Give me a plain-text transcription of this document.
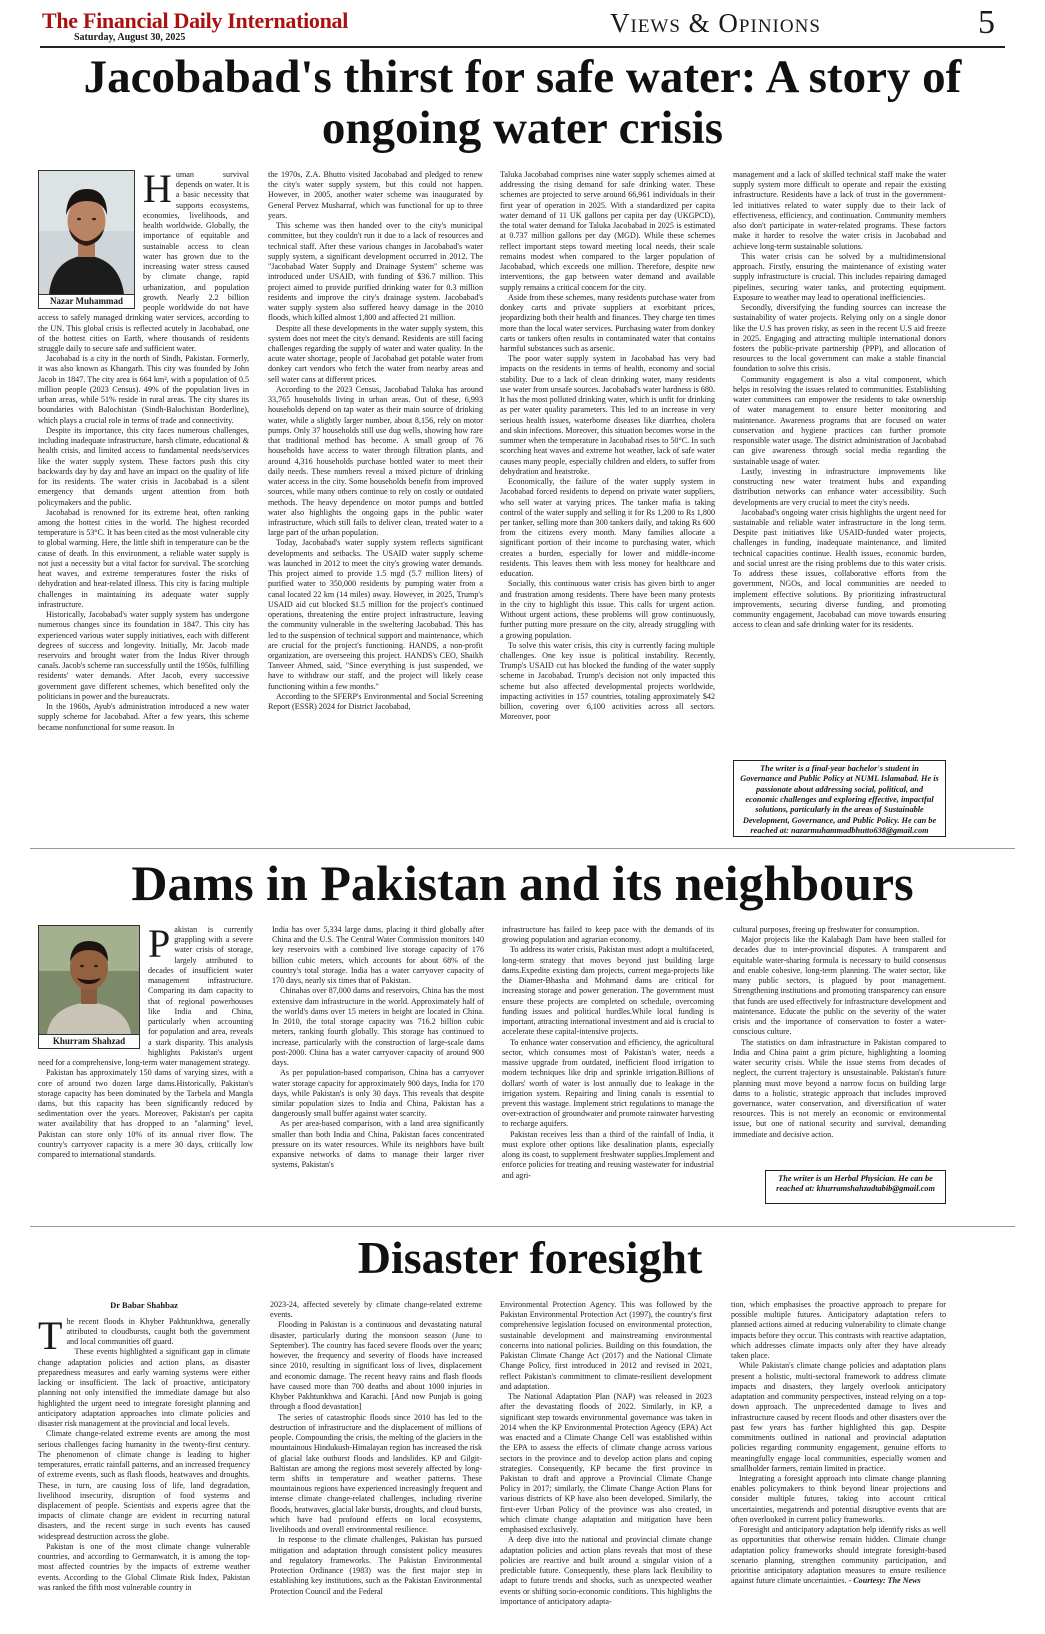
The Financial Daily International
Saturday, August 30, 2025	Views & Opinions	5
Jacobabad's thirst for safe water: A story of ongoing water crisis
Nazar Muhammad

Human survival depends on water. It is a basic necessity that supports ecosystems, economies, livelihoods, and health worldwide. Globally, the importance of equitable and sustainable access to clean water has grown due to the increasing water stress caused by climate change, rapid urbanization, and population growth. Nearly 2.2 billion people worldwide do not have access to safely managed drinking water services, according to the UN. This global crisis is reflected acutely in Jacobabad, one of the hottest cities on Earth, where thousands of residents struggle daily to secure safe and sufficient water.

Jacobabad is a city in the north of Sindh, Pakistan. Formerly, it was also known as Khangarh. This city was founded by John Jacob in 1847. The city area is 664 km², with a population of 0.5 million people (2023 Census). 49% of the population lives in urban areas, while 51% reside in rural areas. The city shares its boundaries with Balochistan (Sindh-Balochistan Borderline), which plays a crucial role in terms of trade and connectivity.

Despite its importance, this city faces numerous challenges, including inadequate infrastructure, harsh climate, educational & health crisis, and limited access to fundamental needs/services like the water supply system. These factors push this city backwards day by day and have an impact on the quality of life for its residents. The water crisis in Jacobabad is a silent emergency that demands urgent attention from both policymakers and the public.

Jacobabad is renowned for its extreme heat, often ranking among the hottest cities in the world. The highest recorded temperature is 53°C. It has been cited as the most vulnerable city to global warming. Here, the little shift in temperature can be the cause of death. In this environment, a reliable water supply is not just a necessity but a vital factor for survival. The scorching heat waves, and extreme temperatures foster the risks of dehydration and heat-related illness. This city is facing multiple challenges in maintaining its adequate water supply infrastructure.

Historically, Jacobabad's water supply system has undergone numerous changes since its foundation in 1847. This city has experienced various water supply initiatives, each with different degrees of success and longevity. Initially, Mr. Jacob made reservoirs and brought water from the Indus River through canals. Jacob's scheme ran successfully until the 1950s, fulfilling residents' water demands. After Jacob, every successive government gave different schemes, which benefited only the politicians in power and the bureaucrats.

In the 1960s, Ayub's administration introduced a new water supply scheme for Jacobabad. After a few years, this scheme became nonfunctional for some reason. In

the 1970s, Z.A. Bhutto visited Jacobabad and pledged to renew the city's water supply system, but this could not happen. However, in 2005, another water scheme was inaugurated by General Pervez Musharraf, which was functional for up to three years.

This scheme was then handed over to the city's municipal committee, but they couldn't run it due to a lack of resources and technical staff. After these various changes in Jacobabad's water supply system, a significant development occurred in 2012. The "Jacobabad Water Supply and Drainage System" scheme was introduced under USAID, with funding of $36.7 million. This project aimed to provide purified drinking water for 0.3 million residents and improve the city's drainage system. Jacobabad's water supply system also suffered heavy damage in the 2010 floods, which killed almost 1,800 and affected 21 million.

Despite all these developments in the water supply system, this system does not meet the city's demand. Residents are still facing challenges regarding the supply of water and water quality. In the acute water shortage, people of Jacobabad get potable water from donkey cart vendors who fetch the water from nearby areas and sell water cans at different prices.

According to the 2023 Census, Jacobabad Taluka has around 33,765 households living in urban areas. Out of these, 6,993 households depend on tap water as their main source of drinking water, while a slightly larger number, about 8,156, rely on motor pumps. Only 37 households still use dug wells, showing how rare that traditional method has become. A small group of 76 households have access to water through filtration plants, and around 4,316 households purchase bottled water to meet their daily needs. These numbers reveal a mixed picture of drinking water access in the city. Some households benefit from improved sources, while many others continue to rely on costly or outdated methods. The heavy dependence on motor pumps and bottled water also highlights the ongoing gaps in the public water infrastructure, which still fails to deliver clean, treated water to a large part of the urban population.

Today, Jacobabad's water supply system reflects significant developments and setbacks. The USAID water supply scheme was launched in 2012 to meet the city's growing water demands. This project aimed to provide 1.5 mgd (5.7 million liters) of purified water to 350,000 residents by pumping water from a canal located 22 km (14 miles) away. However, in 2025, Trump's USAID aid cut blocked $1.5 million for the project's continued operations, threatening the entire project infrastructure, leaving the community vulnerable in the sweltering Jacobabad. This has led to the suspension of technical support and maintenance, which are crucial for the project's functioning. HANDS, a non-profit organization, are overseeing this project. HANDS's CEO, Shaikh Tanveer Ahmed, said, "Since everything is just suspended, we have to withdraw our staff, and the project will likely cease functioning within a few months."

According to the SFERP's Environmental and Social Screening Report (ESSR) 2024 for District Jacobabad,

Taluka Jacobabad comprises nine water supply schemes aimed at addressing the rising demand for safe drinking water. These schemes are projected to serve around 66,961 individuals in their first year of operation in 2025. With a standardized per capita water demand of 11 UK gallons per capita per day (UKGPCD), the total water demand for Taluka Jacobabad in 2025 is estimated at 0.737 million gallons per day (MGD). While these schemes reflect important steps toward meeting local needs, their scale remains modest when compared to the larger population of Jacobabad, which exceeds one million. Therefore, despite new interventions, the gap between water demand and available supply remains a critical concern for the city.

Aside from these schemes, many residents purchase water from donkey carts and private suppliers at exorbitant prices, jeopardizing both their health and finances. They charge ten times more than the local water services. Purchasing water from donkey carts or tankers often results in contaminated water that contains harmful substances such as arsenic.

The poor water supply system in Jacobabad has very bad impacts on the residents in terms of health, economy and social stability. Due to a lack of clean drinking water, many residents use water from unsafe sources. Jacobabad's water hardness is 680. It has the most polluted drinking water, which is unfit for drinking as per water quality parameters. This led to an increase in very serious health issues, waterborne diseases like diarrhea, cholera and skin infections. Moreover, this situation becomes worse in the summer when the temperature in Jacobabad rises to 50°C. In such scorching heat waves and extreme hot weather, lack of safe water causes many people, especially children and elders, to suffer from dehydration and heatstroke.

Economically, the failure of the water supply system in Jacobabad forced residents to depend on private water suppliers, who sell water at varying prices. The tanker mafia is taking control of the water supply and selling it for Rs 1,200 to Rs 1,800 per tanker, selling more than 300 tankers daily, and taking Rs 600 from the citizens every month. Many families allocate a significant portion of their income to purchasing water, which creates a burden, especially for lower and middle-income residents. This leaves them with less money for healthcare and education.

Socially, this continuous water crisis has given birth to anger and frustration among residents. There have been many protests in the city to highlight this issue. This calls for urgent action. Without urgent actions, these problems will grow continuously, further putting more pressure on the city, already struggling with a growing population.

To solve this water crisis, this city is currently facing multiple challenges. One key issue is political instability. Recently, Trump's USAID cut has blocked the funding of the water supply scheme in Jacobabad. Trump's decision not only impacted this scheme but also affected developmental projects worldwide, impacting activities in 157 countries, totaling approximately $42 billion, covering over 6,100 activities across all sectors. Moreover, poor

management and a lack of skilled technical staff make the water supply system more difficult to operate and repair the existing infrastructure. Residents have a lack of trust in the government-led initiatives related to water supply due to their lack of effectiveness, efficiency, and continuation. Community members also don't participate in water-related programs. These factors make it harder to resolve the water crisis in Jacobabad and achieve long-term sustainable solutions.

This water crisis can be solved by a multidimensional approach. Firstly, ensuring the maintenance of existing water supply infrastructure is crucial. This includes repairing damaged pipelines, securing water tanks, and protecting equipment. Exposure to weather may lead to operational inefficiencies.

Secondly, diversifying the funding sources can increase the sustainability of water projects. Relying only on a single donor like the U.S has proven risky, as seen in the recent U.S aid freeze in 2025. Engaging and attracting multiple international donors fosters the public-private partnership (PPP), and allocation of resources to the local government can make a stable financial foundation to solve this crisis.

Community engagement is also a vital component, which helps in resolving the issues related to communities. Establishing water committees can empower the residents to take ownership of water management to ensure better monitoring and maintenance. Awareness programs that are focused on water conservation and hygiene practices can further promote responsible water usage. The district administration of Jacobabad can give awareness through social media regarding the sustainable usage of water.

Lastly, investing in infrastructure improvements like constructing new water treatment hubs and expanding distribution networks can enhance water accessibility. Such developments are very crucial to meet the city's needs.

Jacobabad's ongoing water crisis highlights the urgent need for sustainable and reliable water infrastructure in the long term. Despite past initiatives like USAID-funded water projects, challenges in funding, inadequate maintenance, and limited technical capacities continue. Health issues, economic burden, and social unrest are the rising problems due to this water crisis. To address these issues, collaborative efforts from the government, NGOs, and local communities are needed to implement effective solutions. By prioritizing infrastructural improvements, securing diverse funding, and promoting community engagement, Jacobabad can move towards ensuring access to clean and safe drinking water for its residents.

The writer is a final-year bachelor's student in Governance and Public Policy at NUML Islamabad. He is passionate about addressing social, political, and economic challenges and exploring effective, impactful solutions, particularly in the areas of Sustainable Development, Governance, and Public Policy. He can be reached at: nazarmuhammadbhutto638@gmail.com
Dams in Pakistan and its neighbours
Khurram Shahzad

Pakistan is currently grappling with a severe water crisis of storage, largely attributed to decades of insufficient water management infrastructure. Comparing its dam capacity to that of regional powerhouses like India and China, particularly when accounting for population and area, reveals a stark disparity. This analysis highlights Pakistan's urgent need for a comprehensive, long-term water management strategy.

Pakistan has approximately 150 dams of varying sizes, with a core of around two dozen large dams.Historically, Pakistan's storage capacity has been dominated by the Tarbela and Mangla dams, but this capacity has been significantly reduced by sedimentation over the years. Moreover, Pakistan's per capita water availability that has dropped to an "alarming" level, Pakistan can store only 10% of its annual river flow. The country's carryover capacity is a mere 30 days, critically low compared to international standards.

India has over 5,334 large dams, placing it third globally after China and the U.S. The Central Water Commission monitors 140 key reservoirs with a combined live storage capacity of 176 billion cubic meters, which accounts for about 68% of the country's total storage. India has a water carryover capacity of 170 days, nearly six times that of Pakistan.

Chinahas over 87,000 dams and reservoirs, China has the most extensive dam infrastructure in the world. Approximately half of the world's dams over 15 meters in height are located in China. In 2010, the total storage capacity was 716.2 billion cubic meters, ranking fourth globally. This storage has continued to increase, particularly with the construction of large-scale dams post-2000. China has a water carryover capacity of around 900 days.

As per population-based comparison, China has a carryover water storage capacity for approximately 900 days, India for 170 days, while Pakistan's is only 30 days. This reveals that despite similar population sizes to India and China, Pakistan has a dangerously small buffer against water scarcity.

As per area-based comparison, with a land area significantly smaller than both India and China, Pakistan faces concentrated pressure on its water resources. While its neighbors have built expansive networks of dams to manage their larger river systems, Pakistan's

infrastructure has failed to keep pace with the demands of its growing population and agrarian economy.

To address its water crisis, Pakistan must adopt a multifaceted, long-term strategy that moves beyond just building large dams.Expedite existing dam projects, current mega-projects like the Diamer-Bhasha and Mohmand dams are critical for increasing storage and power generation. The government must ensure these projects are completed on schedule, overcoming funding issues and political hurdles.While local funding is important, attracting international investment and aid is crucial to accelerate these capital-intensive projects.

To enhance water conservation and efficiency, the agricultural sector, which consumes most of Pakistan's water, needs a massive upgrade from outdated, inefficient flood irrigation to modern techniques like drip and sprinkle irrigation.Billions of dollars' worth of water is lost annually due to leakage in the irrigation system. Repairing and lining canals is essential to prevent this wastage. Implement strict regulations to manage the over-extraction of groundwater and promote rainwater harvesting to recharge aquifers.

Pakistan receives less than a third of the rainfall of India, it must explore other options like desalination plants, especially along its coast, to supplement freshwater supplies.Implement and enforce policies for treating and reusing wastewater for industrial and agri-

cultural purposes, freeing up freshwater for consumption.

Major projects like the Kalabagh Dam have been stalled for decades due to inter-provincial disputes. A transparent and equitable water-sharing formula is necessary to build consensus and enable cohesive, long-term planning. The water sector, like many public sectors, is plagued by poor management. Strengthening institutions and promoting transparency can ensure that funds are used effectively for infrastructure development and maintenance. Educate the public on the severity of the water crisis and the importance of conservation to foster a water-conscious culture.

The statistics on dam infrastructure in Pakistan compared to India and China paint a grim picture, highlighting a looming water security crisis. While the issue stems from decades of neglect, the current trajectory is unsustainable. Pakistan's future planning must move beyond a narrow focus on building large dams to a holistic, strategic approach that includes improved governance, water conservation, and diversification of water resources. This is not merely an economic or environmental issue, but one of national security and survival, demanding immediate and decisive action.

The writer is an Herbal Physician. He can be reached at: khurramshahzadtabib@gmail.com
Disaster foresight
Dr Babar Shahbaz

The recent floods in Khyber Pakhtunkhwa, generally attributed to cloudbursts, caught both the government and local communities off guard.

These events highlighted a significant gap in climate change adaptation policies and action plans, as disaster preparedness measures and early warning systems were either lacking or insufficient. The lack of proactive, anticipatory planning not only intensified the immediate damage but also highlighted the urgent need to integrate foresight planning and anticipatory adaptation approaches into climate policies and disaster risk management at the provincial and local levels.

Climate change-related extreme events are among the most serious challenges facing humanity in the twenty-first century. The phenomenon of climate change is leading to higher temperatures, erratic rainfall patterns, and an increased frequency of extreme events, such as flash floods, heatwaves and droughts. These, in turn, are causing loss of life, land degradation, livelihood insecurity, disruption of food systems and displacement of people. Scientists and experts agree that the impacts of climate change are evident in recurring natural disasters, and the recent surge in such events has caused widespread destruction across the globe.

Pakistan is one of the most climate change vulnerable countries, and according to Germanwatch, it is among the top-most affected countries by the impacts of extreme weather events. According to the Global Climate Risk Index, Pakistan was ranked the fifth most vulnerable country in

2023-24, affected severely by climate change-related extreme events.

Flooding in Pakistan is a continuous and devastating natural disaster, particularly during the monsoon season (June to September). The country has faced severe floods over the years; however, the frequency and severity of floods have increased since 2010, resulting in significant loss of lives, displacement and economic damage. The recent heavy rains and flash floods have caused more than 700 deaths and about 1000 injuries in Khyber Pakhtunkhwa and Karachi. [And now Punjab is going through a flood devastation]

The series of catastrophic floods since 2010 has led to the destruction of infrastructure and the displacement of millions of people. Compounding the crisis, the melting of the glaciers in the mountainous Hindukush-Himalayan region has increased the risk of glacial lake outburst floods and landslides. KP and Gilgit-Baltistan are among the regions most severely affected by long-term shifts in temperature and weather patterns. These mountainous regions have experienced increasingly frequent and intense climate change-related challenges, including riverine floods, heatwaves, glacial lake bursts, droughts, and cloud bursts, which have had profound effects on local ecosystems, livelihoods and overall environmental resilience.

In response to the climate challenges, Pakistan has pursued mitigation and adaptation through consistent policy measures and regulatory frameworks. The Pakistan Environmental Protection Ordinance (1983) was the first major step in establishing key institutions, such as the Pakistan Environmental Protection Council and the Federal

Environmental Protection Agency. This was followed by the Pakistan Environmental Protection Act (1997), the country's first comprehensive legislation focused on environmental protection, sustainable development and mainstreaming environmental concerns into national policies. Building on this foundation, the Pakistan Climate Change Act (2017) and the National Climate Change Policy, first introduced in 2012 and revised in 2021, reflect Pakistan's commitment to climate-resilient development and adaptation.

The National Adaptation Plan (NAP) was released in 2023 after the devastating floods of 2022. Similarly, in KP, a significant step towards environmental governance was taken in 2014 when the KP Environmental Protection Agency (EPA) Act was enacted and a Climate Change Cell was established within the EPA to assess the effects of climate change across various sectors in the province and to develop action plans and coping strategies. Consequently, KP became the first province in Pakistan to draft and approve a Provincial Climate Change Policy in 2017; similarly, the Climate Change Action Plans for various districts of KP have also been developed. Similarly, the first-ever Urban Policy of the province was also created, in which climate change adaptation and mitigation have been emphasised exclusively.

A deep dive into the national and provincial climate change adaptation policies and action plans reveals that most of these policies are reactive and built around a singular vision of a predictable future. Consequently, these plans lack flexibility to adapt to future trends and shocks, such as unexpected weather events or shifting socio-economic conditions. This highlights the importance of anticipatory adapta-

tion, which emphasises the proactive approach to prepare for possible multiple futures. Anticipatory adaptation refers to planned actions aimed at reducing vulnerability to climate change impacts before they occur. This contrasts with reactive adaptation, which addresses climate impacts only after they have already taken place.

While Pakistan's climate change policies and adaptation plans present a holistic, multi-sectoral framework to address climate impacts and disasters, they largely overlook anticipatory adaptation and community perspectives, instead relying on a top-down approach. The unprecedented damage to lives and infrastructure caused by recent floods and other disasters over the past few years has further highlighted this gap. Despite commitments outlined in national and provincial adaptation policies regarding community engagement, genuine efforts to meaningfully engage local communities, especially women and smallholder farmers, remain limited in practice.

Integrating a foresight approach into climate change planning enables policymakers to think beyond linear projections and consider multiple futures, taking into account critical uncertainties, megatrends and potential disruptive events that are often overlooked in current policy frameworks.

Foresight and anticipatory adaptation help identify risks as well as opportunities that otherwise remain hidden. Climate change adaptation policy frameworks should integrate foresight-based scenario planning, strengthen community participation, and prioritise anticipatory adaptation measures to ensure resilience against future climate uncertainties. - Courtesy: The News
